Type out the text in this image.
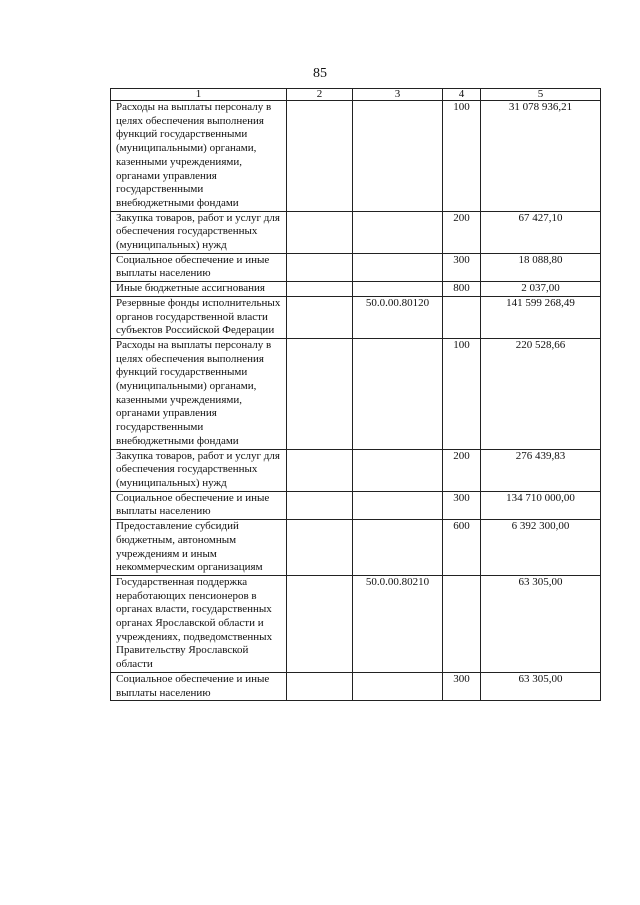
85
1	2	3	4	5
Расходы на выплаты персоналу в целях обеспечения выполнения функций государственными (муниципальными) органами, казенными учреждениями, органами управления государственными внебюджетными фондами			100	31 078 936,21
Закупка товаров, работ и услуг для обеспечения государственных (муниципальных) нужд			200	67 427,10
Социальное обеспечение и иные выплаты населению			300	18 088,80
Иные бюджетные ассигнования			800	2 037,00
Резервные фонды исполнительных органов государственной власти субъектов Российской Федерации		50.0.00.80120		141 599 268,49
Расходы на выплаты персоналу в целях обеспечения выполнения функций государственными (муниципальными) органами, казенными учреждениями, органами управления государственными внебюджетными фондами			100	220 528,66
Закупка товаров, работ и услуг для обеспечения государственных (муниципальных) нужд			200	276 439,83
Социальное обеспечение и иные выплаты населению			300	134 710 000,00
Предоставление субсидий бюджетным, автономным учреждениям и иным некоммерческим организациям			600	6 392 300,00
Государственная поддержка неработающих пенсионеров в органах власти, государственных органах Ярославской области и учреждениях, подведомственных Правительству Ярославской области		50.0.00.80210		63 305,00
Социальное обеспечение и иные выплаты населению			300	63 305,00
